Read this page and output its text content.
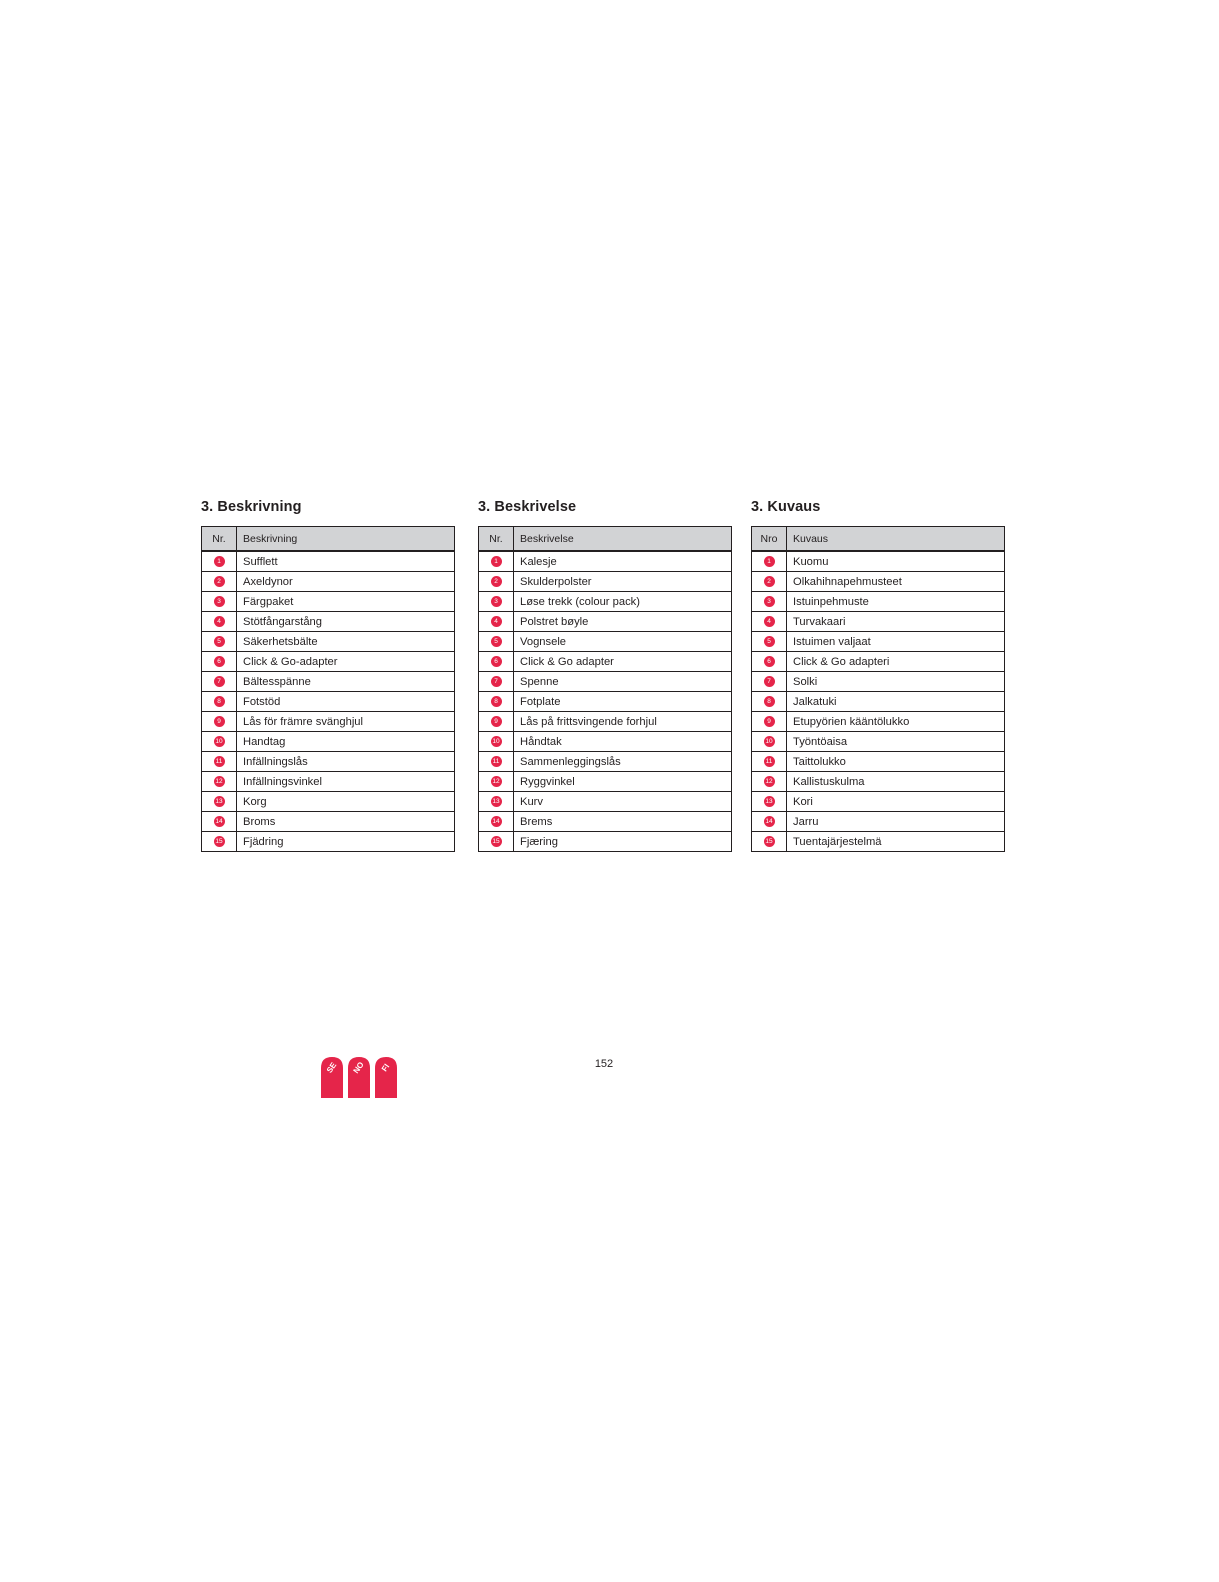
3. Beskrivning
Nr.	Beskrivning
1	Sufflett
2	Axeldynor
3	Färgpaket
4	Stötfångarstång
5	Säkerhetsbälte
6	Click & Go-adapter
7	Bältesspänne
8	Fotstöd
9	Lås för främre svänghjul
10	Handtag
11	Infällningslås
12	Infällningsvinkel
13	Korg
14	Broms
15	Fjädring
3. Beskrivelse
Nr.	Beskrivelse
1	Kalesje
2	Skulderpolster
3	Løse trekk (colour pack)
4	Polstret bøyle
5	Vognsele
6	Click & Go adapter
7	Spenne
8	Fotplate
9	Lås på frittsvingende forhjul
10	Håndtak
11	Sammenleggingslås
12	Ryggvinkel
13	Kurv
14	Brems
15	Fjæring
3. Kuvaus
Nro	Kuvaus
1	Kuomu
2	Olkahihnapehmusteet
3	Istuinpehmuste
4	Turvakaari
5	Istuimen valjaat
6	Click & Go adapteri
7	Solki
8	Jalkatuki
9	Etupyörien kääntölukko
10	Työntöaisa
11	Taittolukko
12	Kallistuskulma
13	Kori
14	Jarru
15	Tuentajärjestelmä
SE NO FI	152
